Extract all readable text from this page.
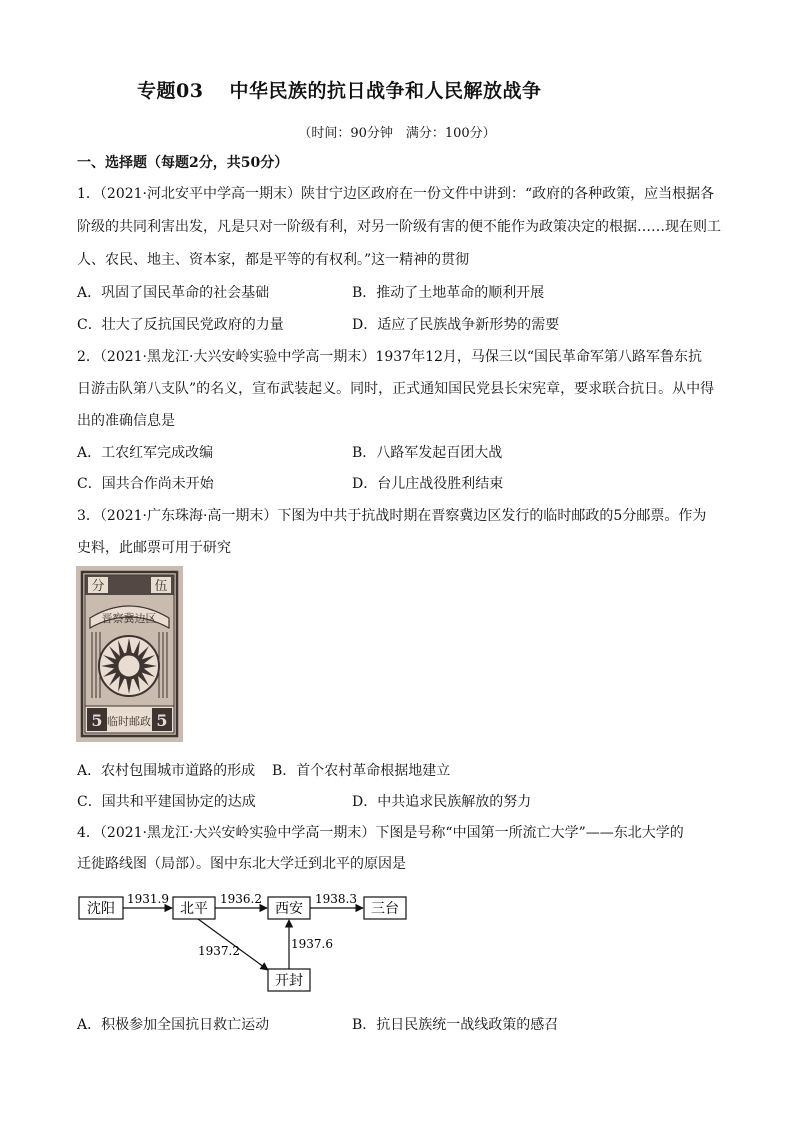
专题03 中华民族的抗日战争和人民解放战争
（时间：90分钟　满分：100分）
一、选择题（每题2分，共50分）
1．（2021·河北安平中学高一期末）陕甘宁边区政府在一份文件中讲到：“政府的各种政策，应当根据各
阶级的共同利害出发，凡是只对一阶级有利，对另一阶级有害的便不能作为政策决定的根据……现在则工
人、农民、地主、资本家，都是平等的有权利。”这一精神的贯彻
A．巩固了国民革命的社会基础	B．推动了土地革命的顺利开展
C．壮大了反抗国民党政府的力量	D．适应了民族战争新形势的需要
2．（2021·黑龙江·大兴安岭实验中学高一期末）1937年12月，马保三以“国民革命军第八路军鲁东抗
日游击队第八支队”的名义，宣布武装起义。同时，正式通知国民党县长宋宪章，要求联合抗日。从中得
出的准确信息是
A．工农红军完成改编	B．八路军发起百团大战
C．国共合作尚未开始	D．台儿庄战役胜利结束
3．（2021·广东珠海·高一期末）下图为中共于抗战时期在晋察冀边区发行的临时邮政的5分邮票。作为
史料，此邮票可用于研究
分	伍
晋察冀边区
5	5
临时邮政
A．农村包围城市道路的形成 B．首个农村革命根据地建立
C．国共和平建国协定的达成	D．中共追求民族解放的努力
4．（2021·黑龙江·大兴安岭实验中学高一期末）下图是号称“中国第一所流亡大学”——东北大学的
迁徙路线图（局部）。图中东北大学迁到北平的原因是
沈阳	北平	西安	三台
开封
1931.9	1936.2	1938.3
1937.2	1937.6
A．积极参加全国抗日救亡运动	B．抗日民族统一战线政策的感召
